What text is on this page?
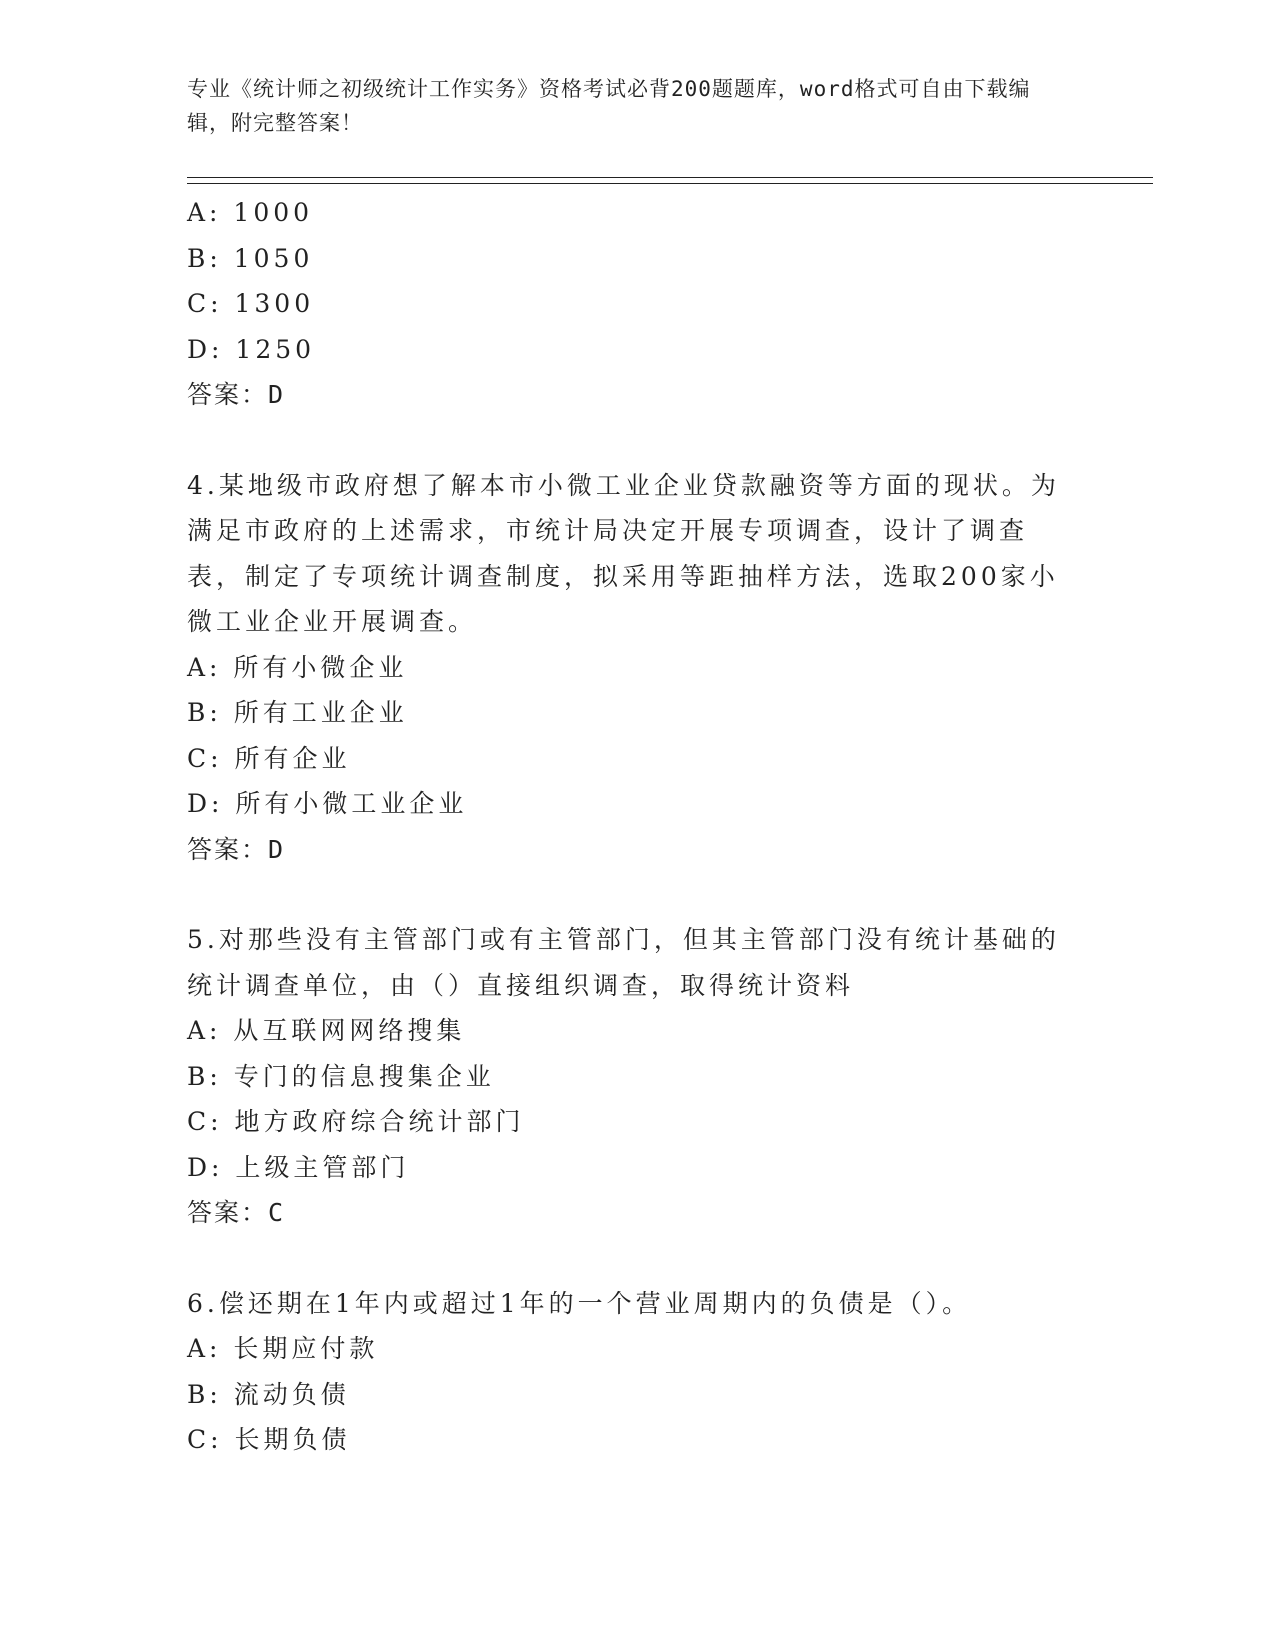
专业《统计师之初级统计工作实务》资格考试必背200题题库，word格式可自由下载编辑，附完整答案！
A: 1000
B: 1050
C: 1300
D: 1250
答案：D
4.某地级市政府想了解本市小微工业企业贷款融资等方面的现状。为满足市政府的上述需求，市统计局决定开展专项调查，设计了调查表，制定了专项统计调查制度，拟采用等距抽样方法，选取200家小微工业企业开展调查。
A: 所有小微企业
B: 所有工业企业
C: 所有企业
D: 所有小微工业企业
答案：D
5.对那些没有主管部门或有主管部门，但其主管部门没有统计基础的统计调查单位，由（）直接组织调查，取得统计资料
A: 从互联网网络搜集
B: 专门的信息搜集企业
C: 地方政府综合统计部门
D: 上级主管部门
答案：C
6.偿还期在1年内或超过1年的一个营业周期内的负债是（）。
A: 长期应付款
B: 流动负债
C: 长期负债
